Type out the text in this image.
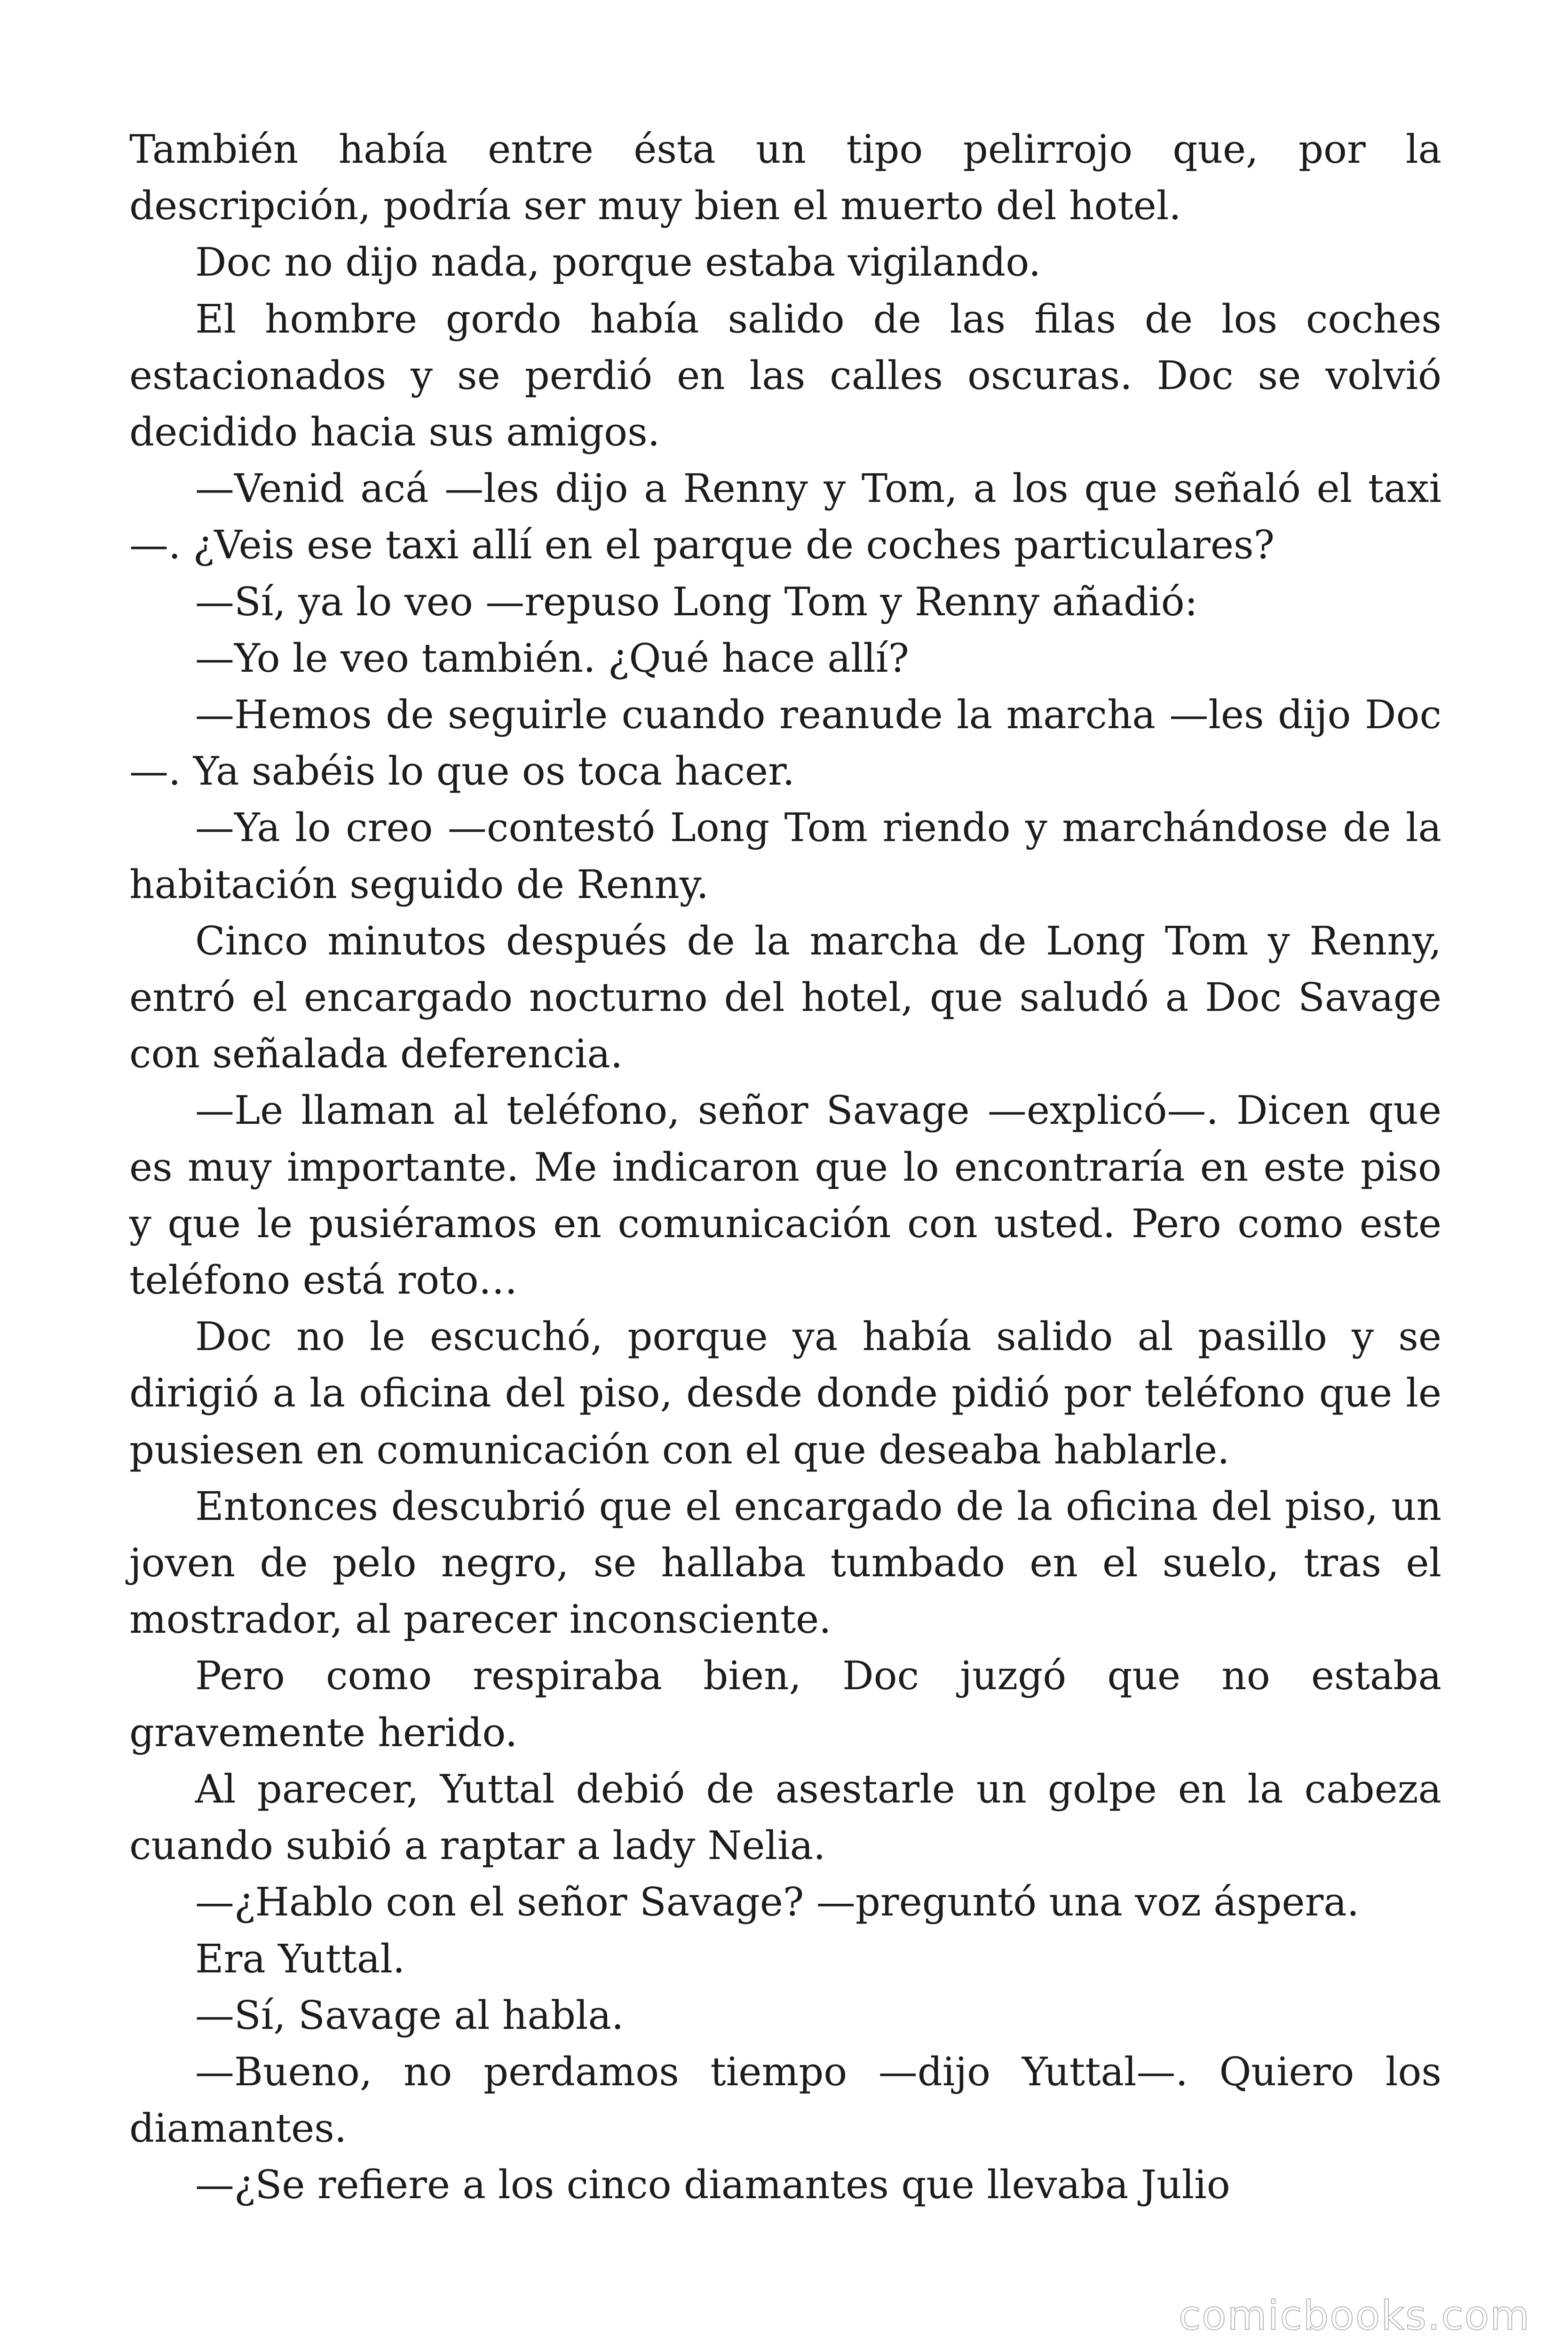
También había entre ésta un tipo pelirrojo que, por la descripción, podría ser muy bien el muerto del hotel.

Doc no dijo nada, porque estaba vigilando.

El hombre gordo había salido de las filas de los coches estacionados y se perdió en las calles oscuras. Doc se volvió decidido hacia sus amigos.

—Venid acá —les dijo a Renny y Tom, a los que señaló el taxi—. ¿Veis ese taxi allí en el parque de coches particulares?

—Sí, ya lo veo —repuso Long Tom y Renny añadió:

—Yo le veo también. ¿Qué hace allí?

—Hemos de seguirle cuando reanude la marcha —les dijo Doc —. Ya sabéis lo que os toca hacer.

—Ya lo creo —contestó Long Tom riendo y marchándose de la habitación seguido de Renny.

Cinco minutos después de la marcha de Long Tom y Renny, entró el encargado nocturno del hotel, que saludó a Doc Savage con señalada deferencia.

—Le llaman al teléfono, señor Savage —explicó—. Dicen que es muy importante. Me indicaron que lo encontraría en este piso y que le pusiéramos en comunicación con usted. Pero como este teléfono está roto…

Doc no le escuchó, porque ya había salido al pasillo y se dirigió a la oficina del piso, desde donde pidió por teléfono que le pusiesen en comunicación con el que deseaba hablarle.

Entonces descubrió que el encargado de la oficina del piso, un joven de pelo negro, se hallaba tumbado en el suelo, tras el mostrador, al parecer inconsciente.

Pero como respiraba bien, Doc juzgó que no estaba gravemente herido.

Al parecer, Yuttal debió de asestarle un golpe en la cabeza cuando subió a raptar a lady Nelia.

—¿Hablo con el señor Savage? —preguntó una voz áspera.

Era Yuttal.

—Sí, Savage al habla.

—Bueno, no perdamos tiempo —dijo Yuttal—. Quiero los diamantes.

—¿Se refiere a los cinco diamantes que llevaba Julio

comicbooks.com
